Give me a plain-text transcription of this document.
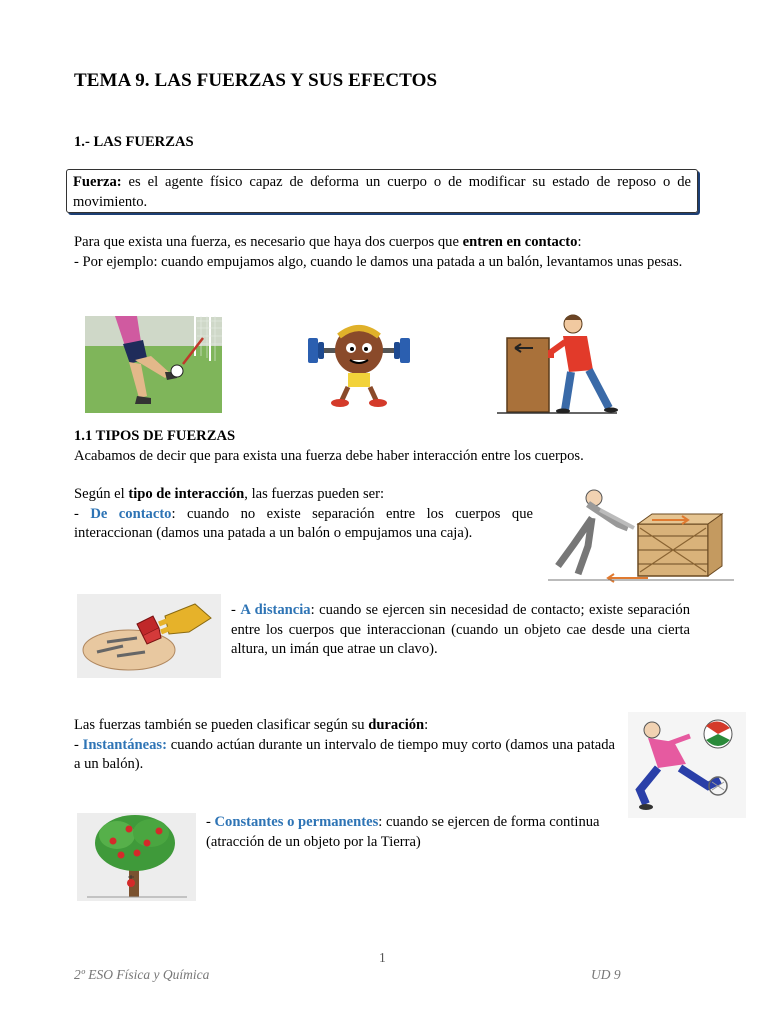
TEMA 9. LAS FUERZAS Y SUS EFECTOS
1.- LAS FUERZAS
Fuerza: es el agente físico capaz de deforma un cuerpo o de modificar su estado de reposo o de movimiento.
Para que exista una fuerza, es necesario que haya dos cuerpos que entren en contacto:
- Por ejemplo: cuando empujamos algo, cuando le damos una patada a un balón, levantamos unas pesas.
1.1 TIPOS DE FUERZAS
Acabamos de decir que para exista una fuerza debe haber interacción entre los cuerpos.
Según el tipo de interacción, las fuerzas pueden ser:
- De contacto: cuando no existe separación entre los cuerpos que interaccionan (damos una patada a un balón o empujamos una caja).
- A distancia: cuando se ejercen sin necesidad de contacto; existe separación entre los cuerpos que interaccionan (cuando un objeto cae desde una cierta altura, un imán que atrae un clavo).
Las fuerzas también se pueden clasificar según su duración:
- Instantáneas: cuando actúan durante un intervalo de tiempo muy corto (damos una patada a un balón).
- Constantes o permanentes: cuando se ejercen de forma continua (atracción de un objeto por la Tierra)
1
2º ESO Física y Química	UD 9
